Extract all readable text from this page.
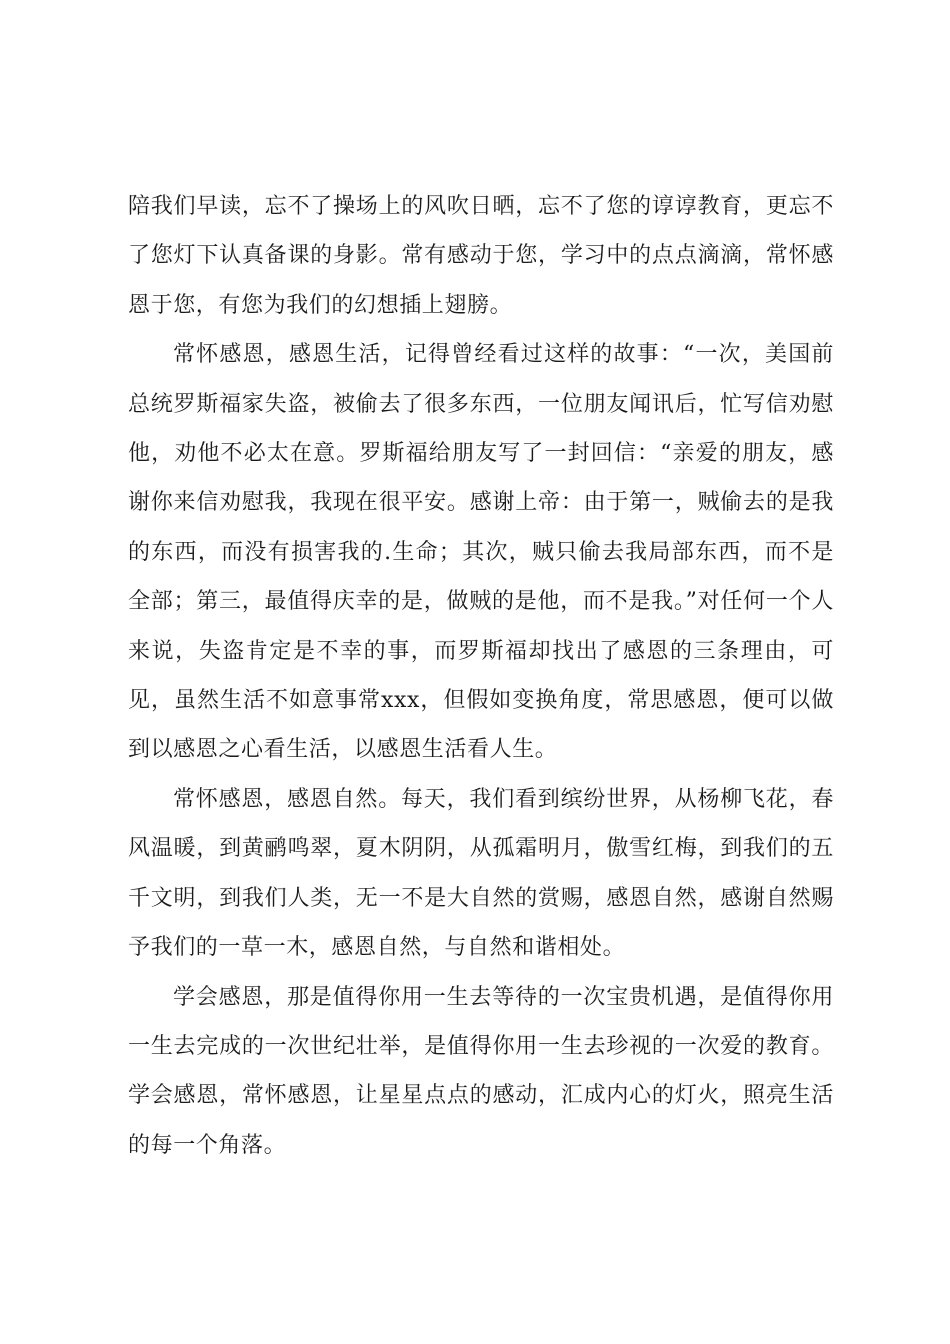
陪我们早读，忘不了操场上的风吹日晒，忘不了您的谆谆教育，更忘不了您灯下认真备课的身影。常有感动于您，学习中的点点滴滴，常怀感恩于您，有您为我们的幻想插上翅膀。

常怀感恩，感恩生活，记得曾经看过这样的故事：“一次，美国前总统罗斯福家失盗，被偷去了很多东西，一位朋友闻讯后，忙写信劝慰他，劝他不必太在意。罗斯福给朋友写了一封回信：“亲爱的朋友，感谢你来信劝慰我，我现在很平安。感谢上帝：由于第一，贼偷去的是我的东西，而没有损害我的.生命；其次，贼只偷去我局部东西，而不是全部；第三，最值得庆幸的是，做贼的是他，而不是我。”对任何一个人来说，失盗肯定是不幸的事，而罗斯福却找出了感恩的三条理由，可见，虽然生活不如意事常xxx，但假如变换角度，常思感恩，便可以做到以感恩之心看生活，以感恩生活看人生。

常怀感恩，感恩自然。每天，我们看到缤纷世界，从杨柳飞花，春风温暖，到黄鹂鸣翠，夏木阴阴，从孤霜明月，傲雪红梅，到我们的五千文明，到我们人类，无一不是大自然的赏赐，感恩自然，感谢自然赐予我们的一草一木，感恩自然，与自然和谐相处。

学会感恩，那是值得你用一生去等待的一次宝贵机遇，是值得你用一生去完成的一次世纪壮举，是值得你用一生去珍视的一次爱的教育。学会感恩，常怀感恩，让星星点点的感动，汇成内心的灯火，照亮生活的每一个角落。
